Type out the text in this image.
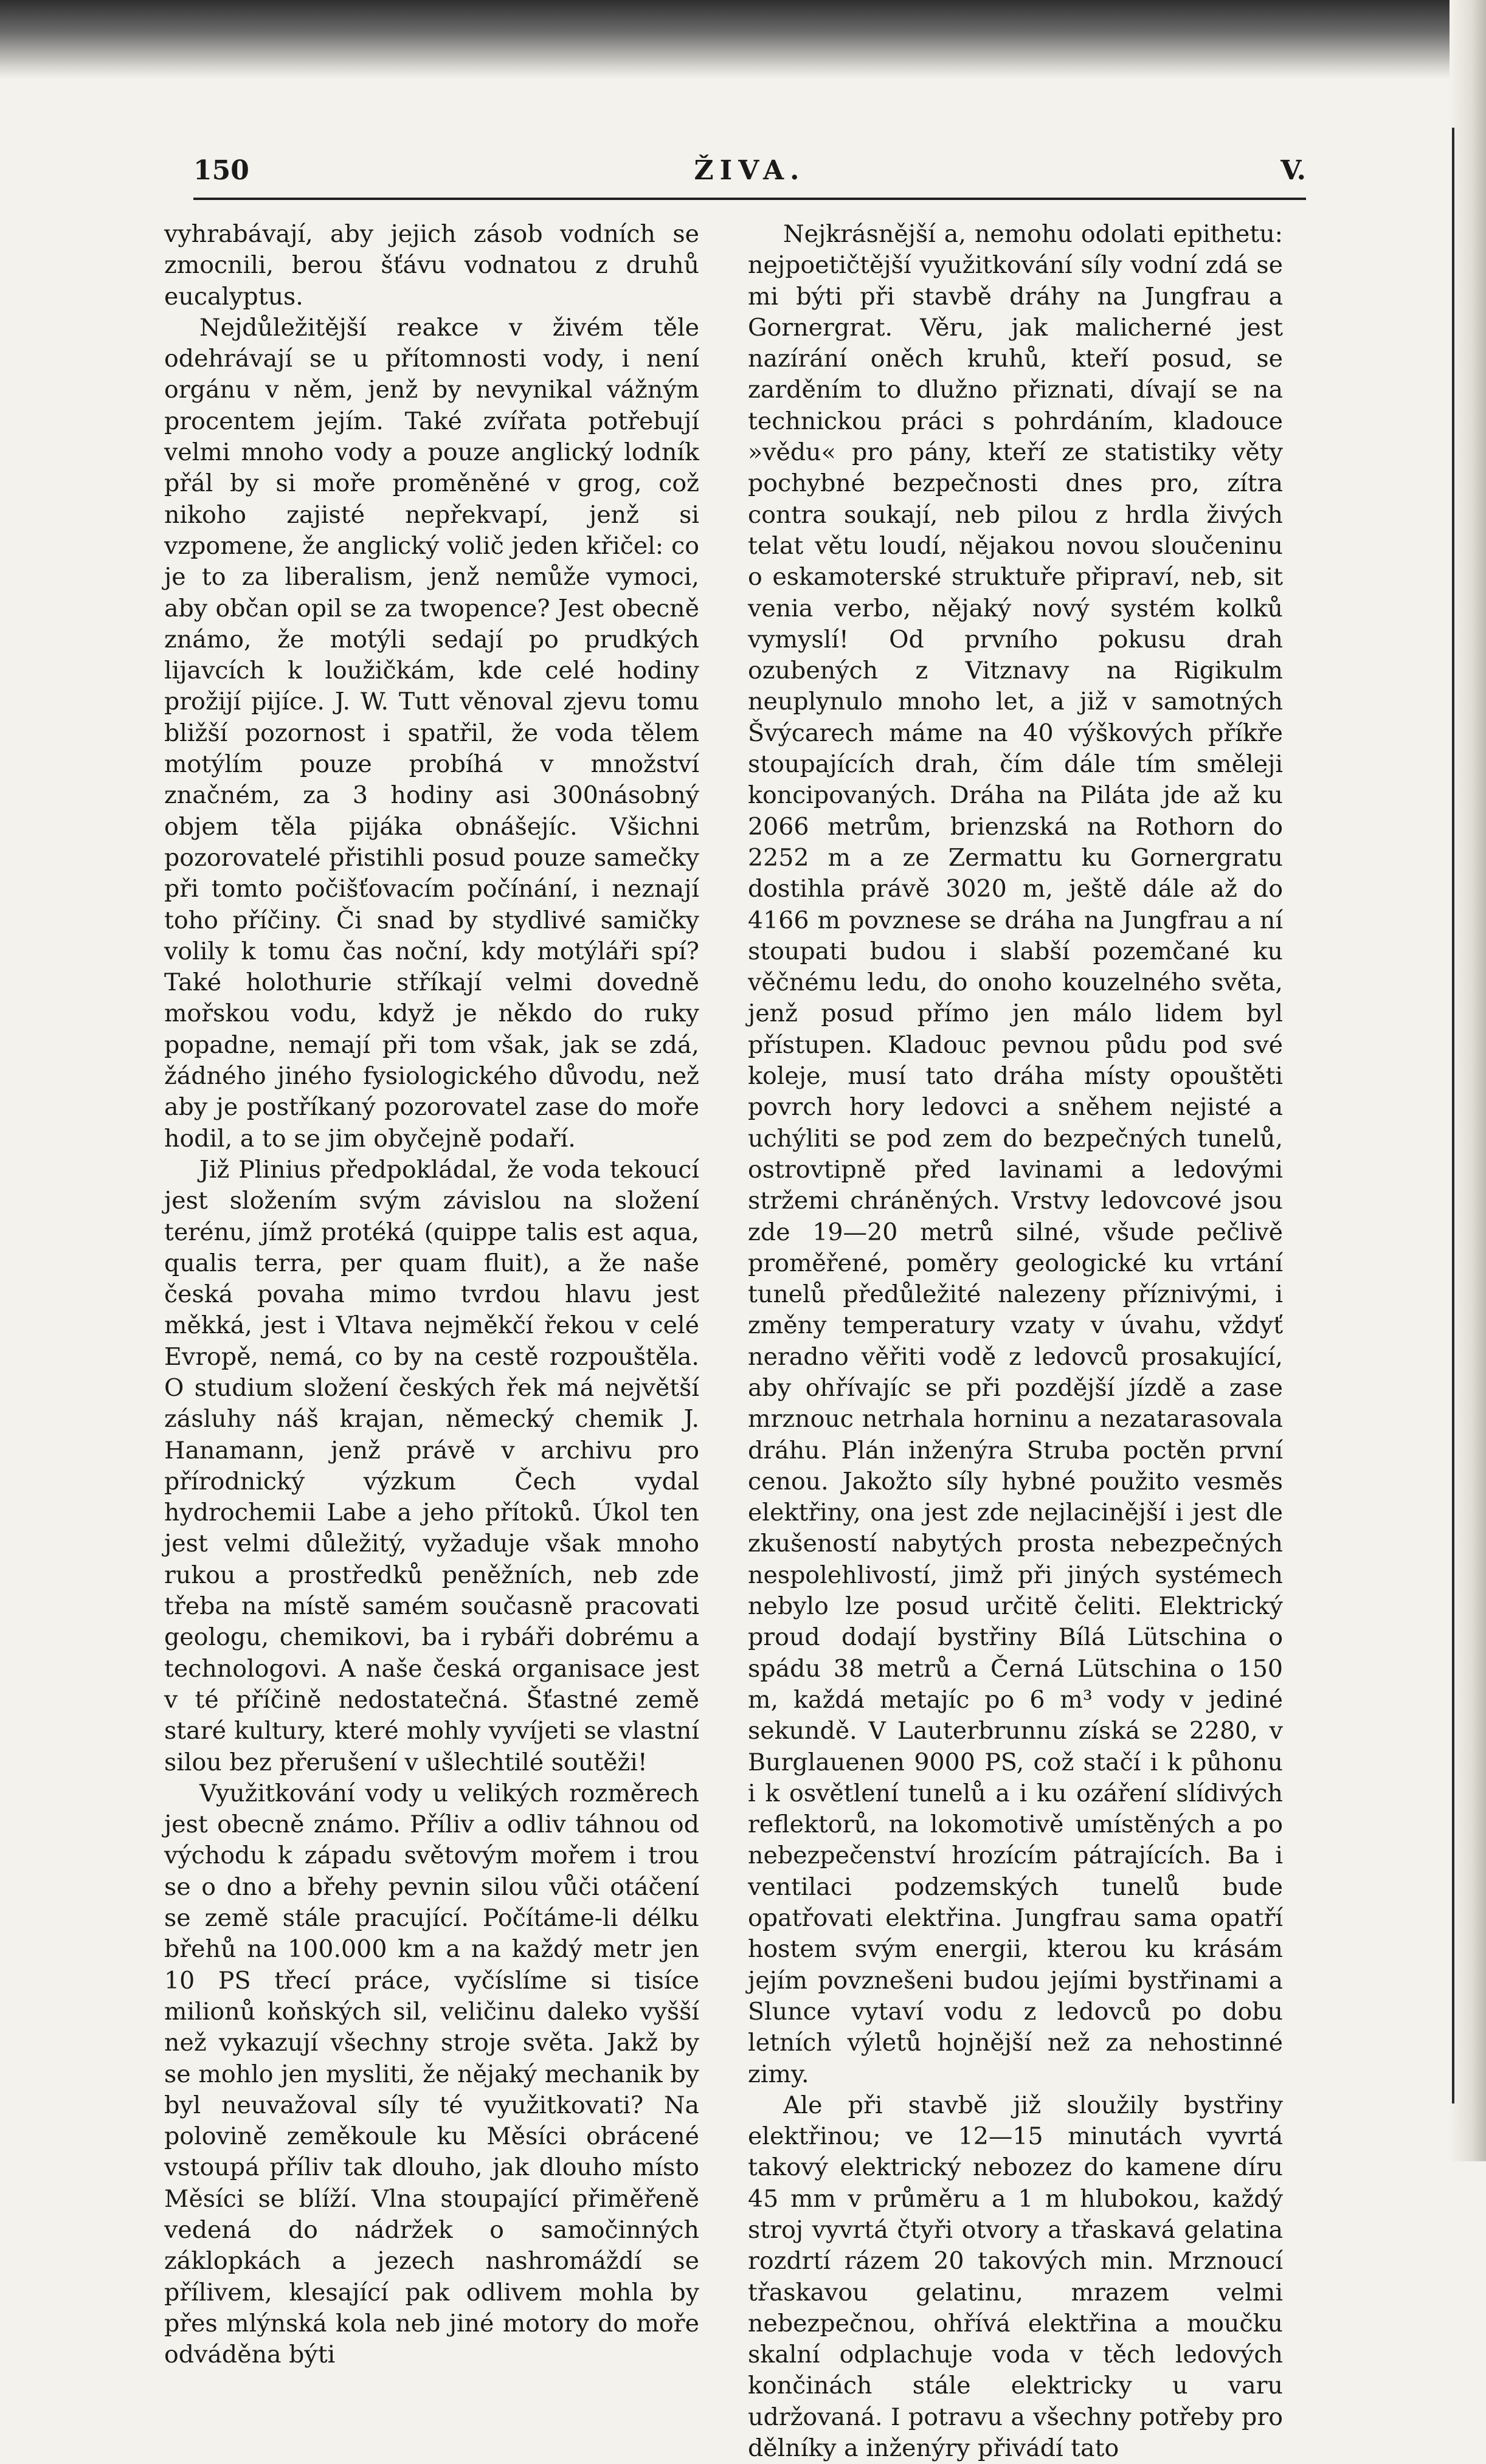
150	ŽIVA.	V.

vyhrabávají, aby jejich zásob vodních se zmocnili, berou šťávu vodnatou z druhů eucalyptus.

Nejdůležitější reakce v živém těle odehrávají se u přítomnosti vody, i není orgánu v něm, jenž by nevynikal vážným procentem jejím. Také zvířata potřebují velmi mnoho vody a pouze anglický lodník přál by si moře proměněné v grog, což nikoho zajisté nepřekvapí, jenž si vzpomene, že anglický volič jeden křičel: co je to za liberalism, jenž nemůže vymoci, aby občan opil se za twopence? Jest obecně známo, že motýli sedají po prudkých lijavcích k loužičkám, kde celé hodiny prožijí pijíce. J. W. Tutt věnoval zjevu tomu bližší pozornost i spatřil, že voda tělem motýlím pouze probíhá v množství značném, za 3 hodiny asi 300násobný objem těla pijáka obnášejíc. Všichni pozorovatelé přistihli posud pouze samečky při tomto počišťovacím počínání, i neznají toho příčiny. Či snad by stydlivé samičky volily k tomu čas noční, kdy motýláři spí? Také holothurie stříkají velmi dovedně mořskou vodu, když je někdo do ruky popadne, nemají při tom však, jak se zdá, žádného jiného fysiologického důvodu, než aby je postříkaný pozorovatel zase do moře hodil, a to se jim obyčejně podaří.

Již Plinius předpokládal, že voda tekoucí jest složením svým závislou na složení terénu, jímž protéká (quippe talis est aqua, qualis terra, per quam fluit), a že naše česká povaha mimo tvrdou hlavu jest měkká, jest i Vltava nejměkčí řekou v celé Evropě, nemá, co by na cestě rozpouštěla. O studium složení českých řek má největší zásluhy náš krajan, německý chemik J. Hanamann, jenž právě v archivu pro přírodnický výzkum Čech vydal hydrochemii Labe a jeho přítoků. Úkol ten jest velmi důležitý, vyžaduje však mnoho rukou a prostředků peněžních, neb zde třeba na místě samém současně pracovati geologu, chemikovi, ba i rybáři dobrému a technologovi. A naše česká organisace jest v té příčině nedostatečná. Šťastné země staré kultury, které mohly vyvíjeti se vlastní silou bez přerušení v ušlechtilé soutěži!

Využitkování vody u velikých rozměrech jest obecně známo. Příliv a odliv táhnou od východu k západu světovým mořem i trou se o dno a břehy pevnin silou vůči otáčení se země stále pracující. Počítáme-li délku břehů na 100.000 km a na každý metr jen 10 PS třecí práce, vyčíslíme si tisíce milionů koňských sil, veličinu daleko vyšší než vykazují všechny stroje světa. Jakž by se mohlo jen mysliti, že nějaký mechanik by byl neuvažoval síly té využitkovati? Na polovině zeměkoule ku Měsíci obrácené vstoupá příliv tak dlouho, jak dlouho místo Měsíci se blíží. Vlna stoupající přiměřeně vedená do nádržek o samočinných záklopkách a jezech nashromáždí se přílivem, klesající pak odlivem mohla by přes mlýnská kola neb jiné motory do moře odváděna býti

Nejkrásnější a, nemohu odolati epithetu: nejpoetičtější využitkování síly vodní zdá se mi býti při stavbě dráhy na Jungfrau a Gornergrat. Věru, jak malicherné jest nazírání oněch kruhů, kteří posud, se zarděním to dlužno přiznati, dívají se na technickou práci s pohrdáním, kladouce »vědu« pro pány, kteří ze statistiky věty pochybné bezpečnosti dnes pro, zítra contra soukají, neb pilou z hrdla živých telat větu loudí, nějakou novou sloučeninu o eskamoterské struktuře připraví, neb, sit venia verbo, nějaký nový systém kolků vymyslí! Od prvního pokusu drah ozubených z Vitznavy na Rigikulm neuplynulo mnoho let, a již v samotných Švýcarech máme na 40 výškových příkře stoupajících drah, čím dále tím směleji koncipovaných. Dráha na Piláta jde až ku 2066 metrům, brienzská na Rothorn do 2252 m a ze Zermattu ku Gornergratu dostihla právě 3020 m, ještě dále až do 4166 m povznese se dráha na Jungfrau a ní stoupati budou i slabší pozemčané ku věčnému ledu, do onoho kouzelného světa, jenž posud přímo jen málo lidem byl přístupen. Kladouc pevnou půdu pod své koleje, musí tato dráha místy opouštěti povrch hory ledovci a sněhem nejisté a uchýliti se pod zem do bezpečných tunelů, ostrovtipně před lavinami a ledovými stržemi chráněných. Vrstvy ledovcové jsou zde 19—20 metrů silné, všude pečlivě proměřené, poměry geologické ku vrtání tunelů předůležité nalezeny příznivými, i změny temperatury vzaty v úvahu, vždyť neradno věřiti vodě z ledovců prosakující, aby ohřívajíc se při pozdější jízdě a zase mrznouc netrhala horninu a nezatarasovala dráhu. Plán inženýra Struba poctěn první cenou. Jakožto síly hybné použito vesměs elektřiny, ona jest zde nejlacinější i jest dle zkušeností nabytých prosta nebezpečných nespolehlivostí, jimž při jiných systémech nebylo lze posud určitě čeliti. Elektrický proud dodají bystřiny Bílá Lütschina o spádu 38 metrů a Černá Lütschina o 150 m, každá metajíc po 6 m³ vody v jediné sekundě. V Lauterbrunnu získá se 2280, v Burglauenen 9000 PS, což stačí i k půhonu i k osvětlení tunelů a i ku ozáření slídivých reflektorů, na lokomotivě umístěných a po nebezpečenství hrozícím pátrajících. Ba i ventilaci podzemských tunelů bude opatřovati elektřina. Jungfrau sama opatří hostem svým energii, kterou ku krásám jejím povznešeni budou jejími bystřinami a Slunce vytaví vodu z ledovců po dobu letních výletů hojnější než za nehostinné zimy.

Ale při stavbě již sloužily bystřiny elektřinou; ve 12—15 minutách vyvrtá takový elektrický nebozez do kamene díru 45 mm v průměru a 1 m hlubokou, každý stroj vyvrtá čtyři otvory a třaskavá gelatina rozdrtí rázem 20 takových min. Mrznoucí třaskavou gelatinu, mrazem velmi nebezpečnou, ohřívá elektřina a moučku skalní odplachuje voda v těch ledových končinách stále elektricky u varu udržovaná. I potravu a všechny potřeby pro dělníky a inženýry přivádí tato
